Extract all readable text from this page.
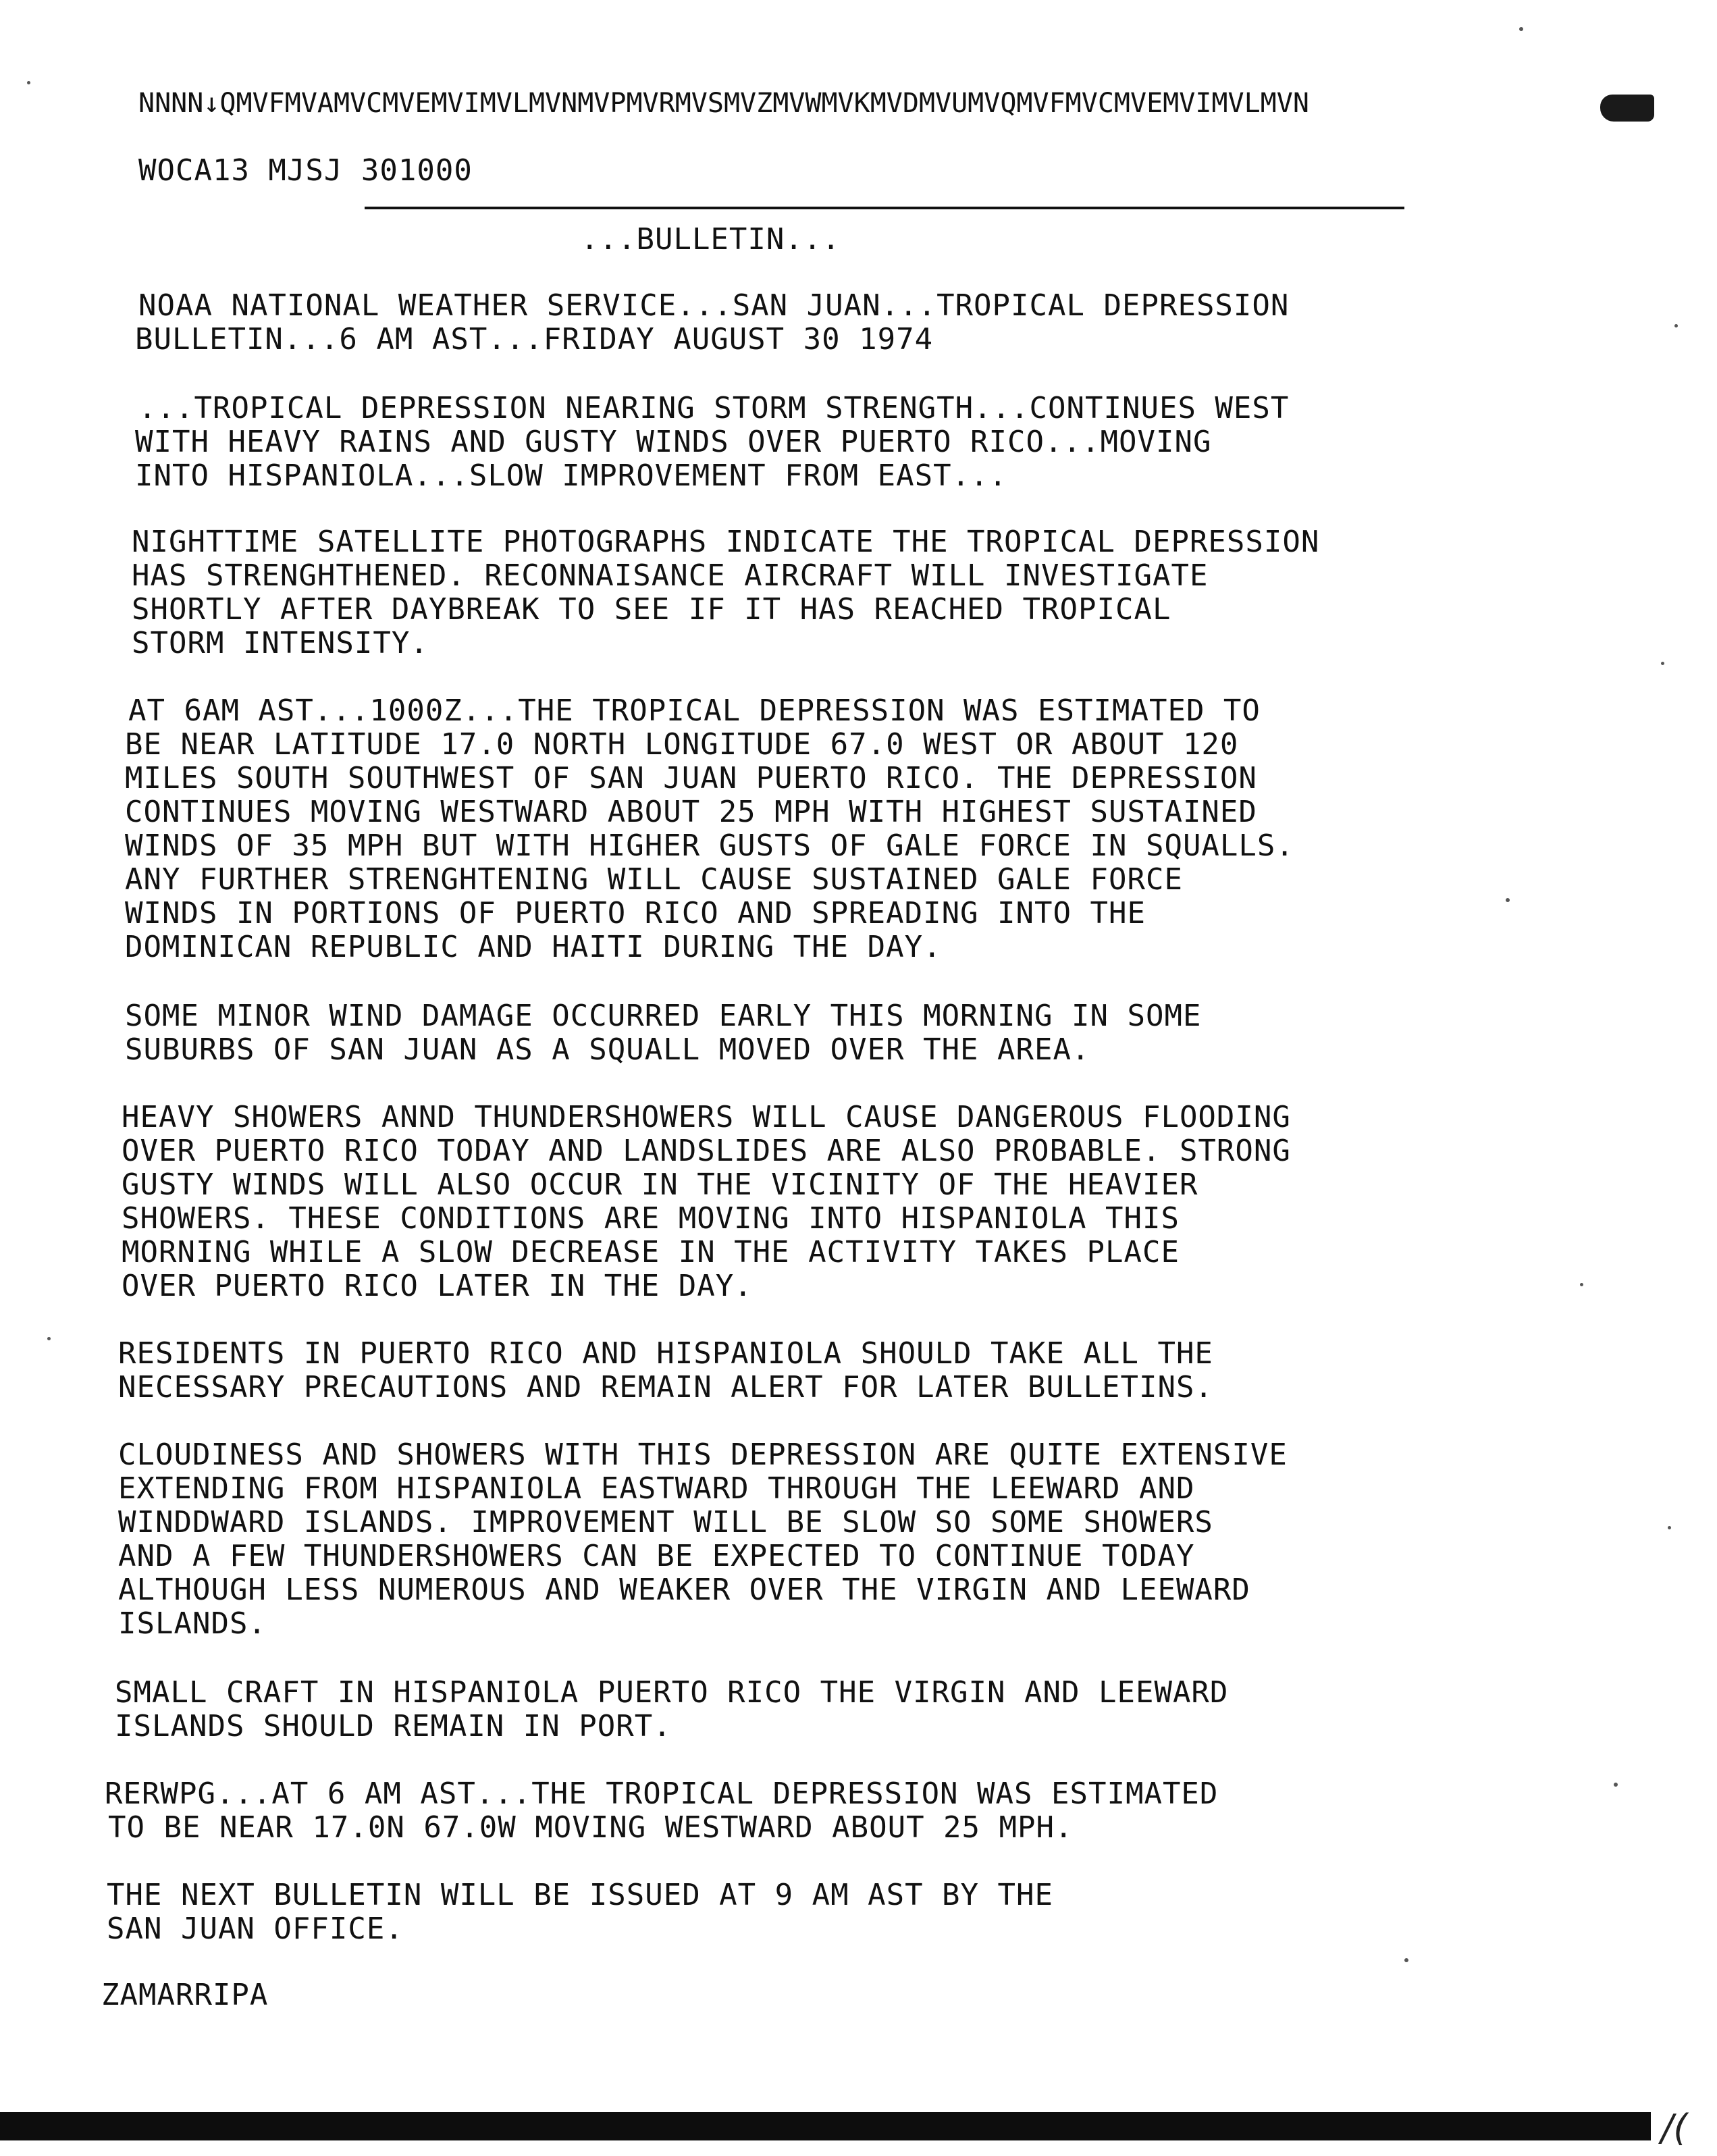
NNNN↓QMVFMVAMVCMVEMVIMVLMVNMVPMVRMVSMVZMVWMVKMVDMVUMVQMVFMVCMVEMVIMVLMVN
WOCA13 MJSJ 301000
...BULLETIN...
NOAA NATIONAL WEATHER SERVICE...SAN JUAN...TROPICAL DEPRESSION
BULLETIN...6 AM AST...FRIDAY AUGUST 30 1974
...TROPICAL DEPRESSION NEARING STORM STRENGTH...CONTINUES WEST
WITH HEAVY RAINS AND GUSTY WINDS OVER PUERTO RICO...MOVING
INTO HISPANIOLA...SLOW IMPROVEMENT FROM EAST...
NIGHTTIME SATELLITE PHOTOGRAPHS INDICATE THE TROPICAL DEPRESSION
HAS STRENGHTHENED. RECONNAISANCE AIRCRAFT WILL INVESTIGATE
SHORTLY AFTER DAYBREAK TO SEE IF IT HAS REACHED TROPICAL
STORM INTENSITY.
AT 6AM AST...1000Z...THE TROPICAL DEPRESSION WAS ESTIMATED TO
BE NEAR LATITUDE 17.0 NORTH LONGITUDE 67.0 WEST OR ABOUT 120
MILES SOUTH SOUTHWEST OF SAN JUAN PUERTO RICO. THE DEPRESSION
CONTINUES MOVING WESTWARD ABOUT 25 MPH WITH HIGHEST SUSTAINED
WINDS OF 35 MPH BUT WITH HIGHER GUSTS OF GALE FORCE IN SQUALLS.
ANY FURTHER STRENGHTENING WILL CAUSE SUSTAINED GALE FORCE
WINDS IN PORTIONS OF PUERTO RICO AND SPREADING INTO THE
DOMINICAN REPUBLIC AND HAITI DURING THE DAY.
SOME MINOR WIND DAMAGE OCCURRED EARLY THIS MORNING IN SOME
SUBURBS OF SAN JUAN AS A SQUALL MOVED OVER THE AREA.
HEAVY SHOWERS ANND THUNDERSHOWERS WILL CAUSE DANGEROUS FLOODING
OVER PUERTO RICO TODAY AND LANDSLIDES ARE ALSO PROBABLE. STRONG
GUSTY WINDS WILL ALSO OCCUR IN THE VICINITY OF THE HEAVIER
SHOWERS. THESE CONDITIONS ARE MOVING INTO HISPANIOLA THIS
MORNING WHILE A SLOW DECREASE IN THE ACTIVITY TAKES PLACE
OVER PUERTO RICO LATER IN THE DAY.
RESIDENTS IN PUERTO RICO AND HISPANIOLA SHOULD TAKE ALL THE
NECESSARY PRECAUTIONS AND REMAIN ALERT FOR LATER BULLETINS.
CLOUDINESS AND SHOWERS WITH THIS DEPRESSION ARE QUITE EXTENSIVE
EXTENDING FROM HISPANIOLA EASTWARD THROUGH THE LEEWARD AND
WINDDWARD ISLANDS. IMPROVEMENT WILL BE SLOW SO SOME SHOWERS
AND A FEW THUNDERSHOWERS CAN BE EXPECTED TO CONTINUE TODAY
ALTHOUGH LESS NUMEROUS AND WEAKER OVER THE VIRGIN AND LEEWARD
ISLANDS.
SMALL CRAFT IN HISPANIOLA PUERTO RICO THE VIRGIN AND LEEWARD
ISLANDS SHOULD REMAIN IN PORT.
RERWPG...AT 6 AM AST...THE TROPICAL DEPRESSION WAS ESTIMATED
TO BE NEAR 17.0N 67.0W MOVING WESTWARD ABOUT 25 MPH.
THE NEXT BULLETIN WILL BE ISSUED AT 9 AM AST BY THE
SAN JUAN OFFICE.
ZAMARRIPA
/(
